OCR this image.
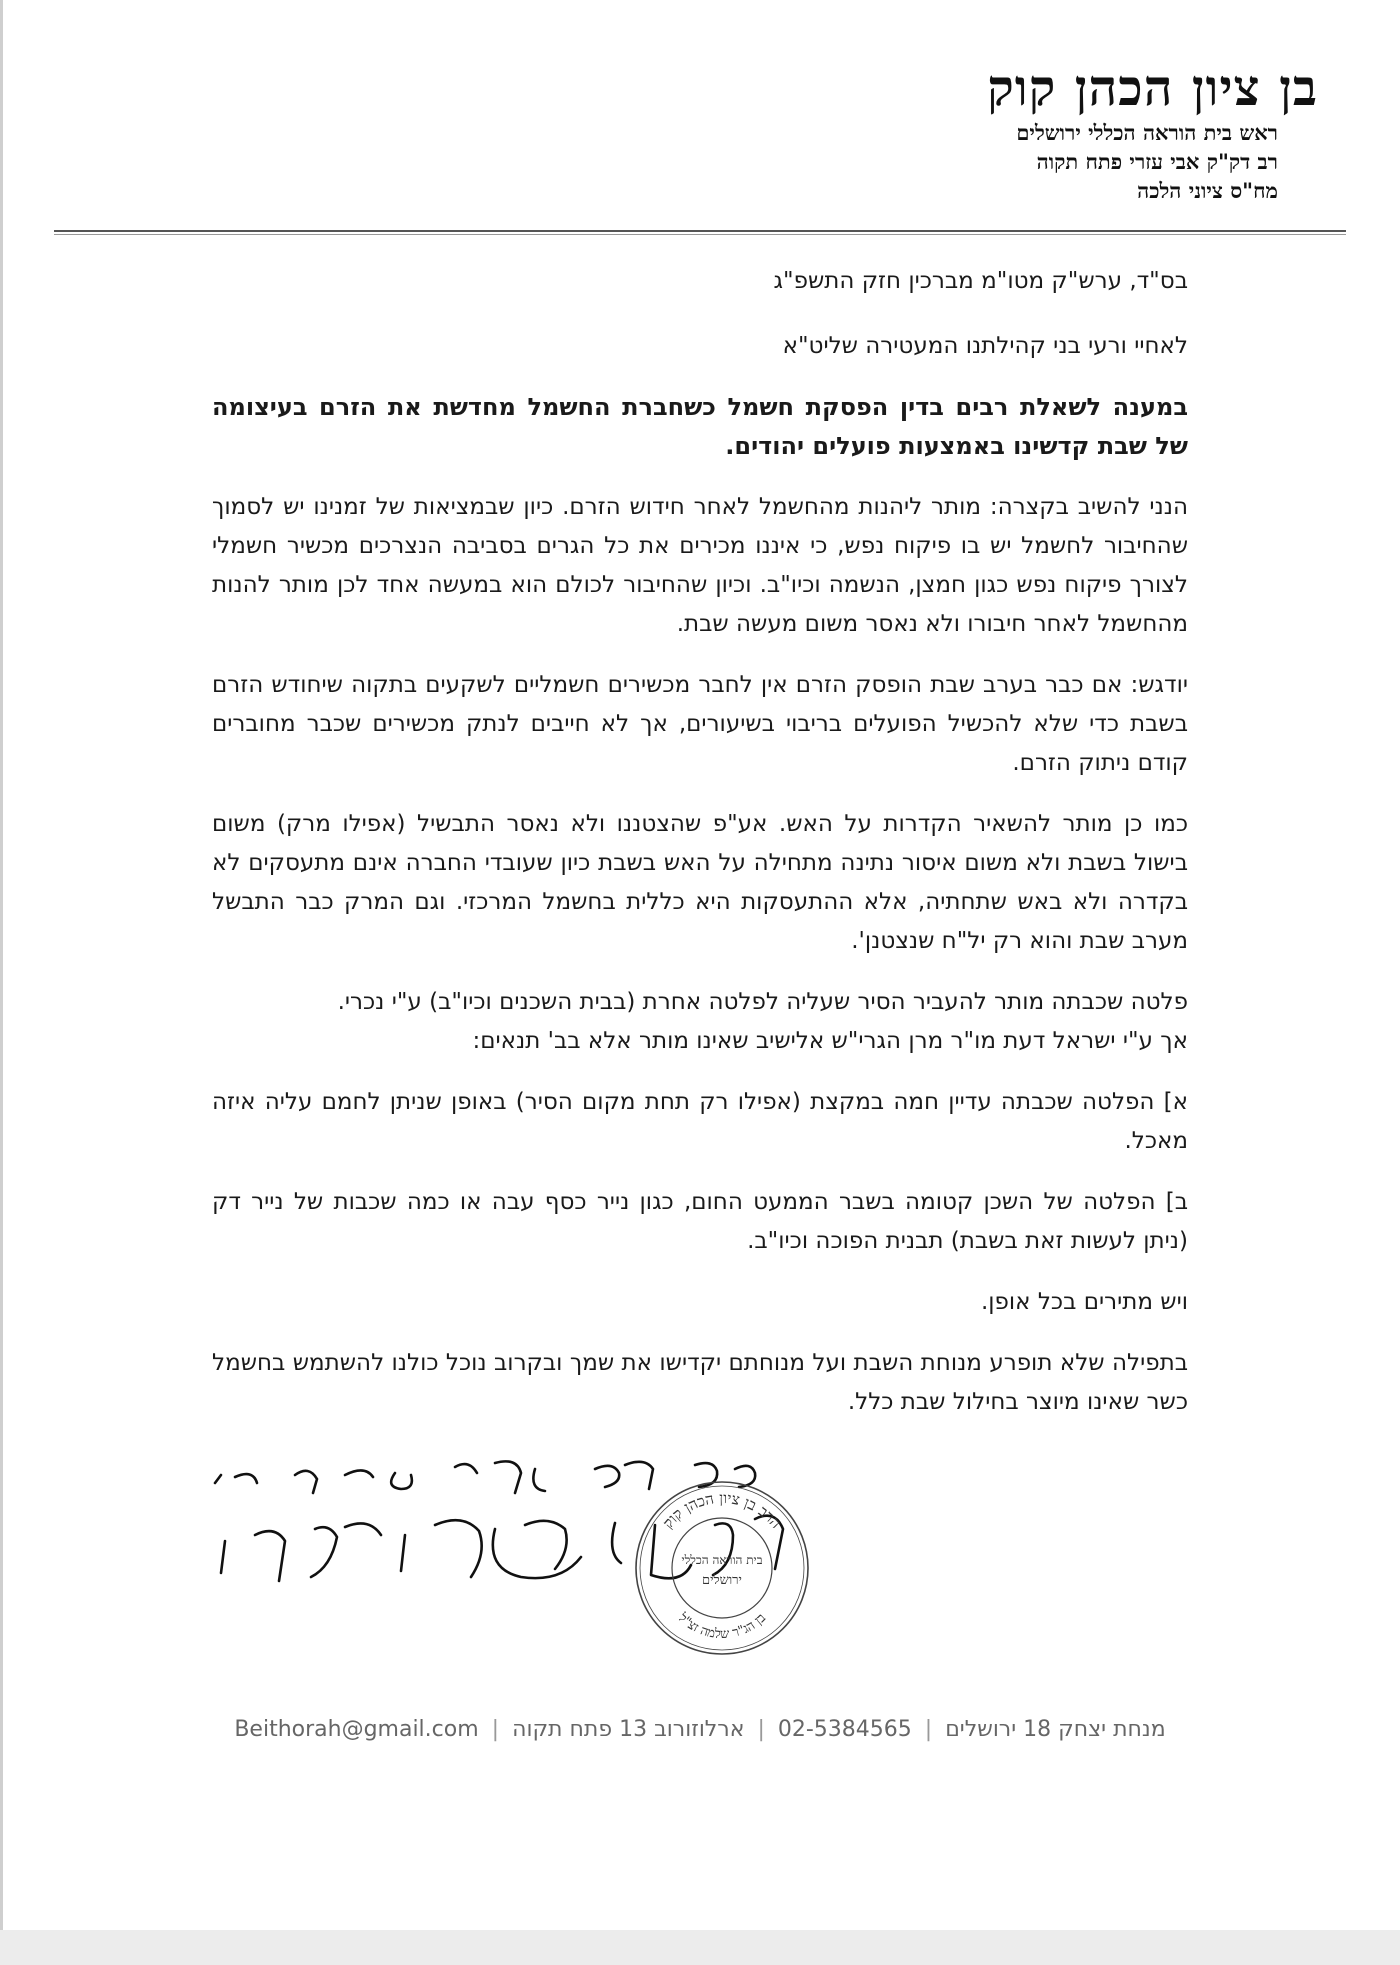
בן ציון הכהן קוק

ראש בית הוראה הכללי ירושלים

רב דק"ק אבי עזרי פתח תקוה

מח"ס ציוני הלכה

בס"ד, ערש"ק מטו"מ מברכין חזק התשפ"ג

לאחיי ורעי בני קהילתנו המעטירה שליט"א

במענה לשאלת רבים בדין הפסקת חשמל כשחברת החשמל מחדשת את הזרם בעיצומה של שבת קדשינו באמצעות פועלים יהודים.

הנני להשיב בקצרה: מותר ליהנות מהחשמל לאחר חידוש הזרם. כיון שבמציאות של זמנינו יש לסמוך שהחיבור לחשמל יש בו פיקוח נפש, כי איננו מכירים את כל הגרים בסביבה הנצרכים מכשיר חשמלי לצורך פיקוח נפש כגון חמצן, הנשמה וכיו"ב. וכיון שהחיבור לכולם הוא במעשה אחד לכן מותר להנות מהחשמל לאחר חיבורו ולא נאסר משום מעשה שבת.

יודגש: אם כבר בערב שבת הופסק הזרם אין לחבר מכשירים חשמליים לשקעים בתקוה שיחודש הזרם בשבת כדי שלא להכשיל הפועלים בריבוי בשיעורים, אך לא חייבים לנתק מכשירים שכבר מחוברים קודם ניתוק הזרם.

כמו כן מותר להשאיר הקדרות על האש. אע"פ שהצטננו ולא נאסר התבשיל (אפילו מרק) משום בישול בשבת ולא משום איסור נתינה מתחילה על האש בשבת כיון שעובדי החברה אינם מתעסקים לא בקדרה ולא באש שתחתיה, אלא ההתעסקות היא כללית בחשמל המרכזי. וגם המרק כבר התבשל מערב שבת והוא רק יל"ח שנצטנן'.

פלטה שכבתה מותר להעביר הסיר שעליה לפלטה אחרת (בבית השכנים וכיו"ב) ע"י נכרי.

אך ע"י ישראל דעת מו"ר מרן הגרי"ש אלישיב שאינו מותר אלא בב' תנאים:

א] הפלטה שכבתה עדיין חמה במקצת (אפילו רק תחת מקום הסיר) באופן שניתן לחמם עליה איזה מאכל.

ב] הפלטה של השכן קטומה בשבר הממעט החום, כגון נייר כסף עבה או כמה שכבות של נייר דק (ניתן לעשות זאת בשבת) תבנית הפוכה וכיו"ב.

ויש מתירים בכל אופן.

בתפילה שלא תופרע מנוחת השבת ועל מנוחתם יקדישו את שמך ובקרוב נוכל כולנו להשתמש בחשמל כשר שאינו מיוצר בחילול שבת כלל.

הרב בן ציון הכהן קוק
בן הג"ר שלמה זצ"ל
בית הוראה הכללי
ירושלים
מנחת יצחק 18 ירושלים | 02-5384565 | ארלוזורוב 13 פתח תקוה | Beithorah@gmail.com
